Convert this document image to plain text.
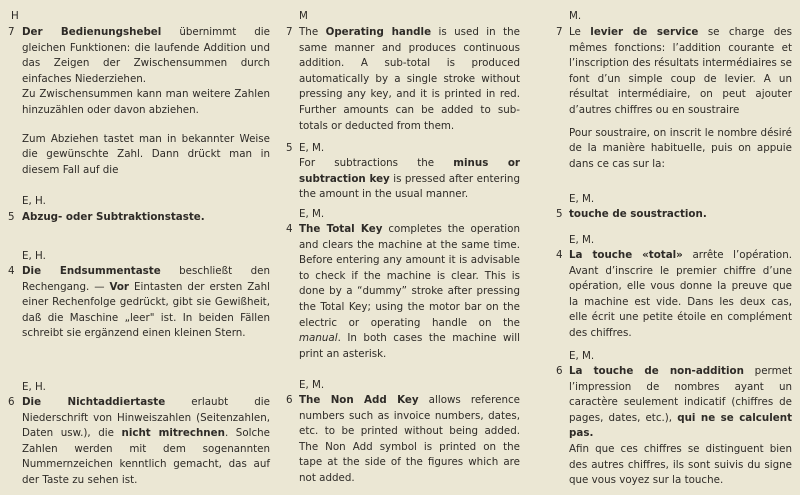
H
7 Der Bedienungshebel übernimmt die gleichen Funktionen: die laufende Addition und das Zeigen der Zwischensummen durch einfaches Niederziehen.
Zu Zwischensummen kann man weitere Zahlen hinzuzählen oder davon abziehen.
Zum Abziehen tastet man in bekannter Weise die gewünschte Zahl. Dann drückt man in diesem Fall auf die
E, H.
5 Abzug- oder Subtraktionstaste.
E, H.
4 Die Endsummentaste beschließt den Rechengang. — Vor Eintasten der ersten Zahl einer Rechenfolge gedrückt, gibt sie Gewißheit, daß die Maschine „leer" ist. In beiden Fällen schreibt sie ergänzend einen kleinen Stern.
E, H.
6 Die Nichtaddiertaste erlaubt die Niederschrift von Hinweiszahlen (Seitenzahlen, Daten usw.), die nicht mitrechnen. Solche Zahlen werden mit dem sogenannten Nummernzeichen kenntlich gemacht, das auf der Taste zu sehen ist.
M
7 The Operating handle is used in the same manner and produces continuous addition. A sub-total is produced automatically by a single stroke without pressing any key, and it is printed in red. Further amounts can be added to sub-totals or deducted from them.
5 E, M.
For subtractions the minus or subtraction key is pressed after entering the amount in the usual manner.
E, M.
4 The Total Key completes the operation and clears the machine at the same time. Before entering any amount it is advisable to check if the machine is clear. This is done by a “dummy” stroke after pressing the Total Key; using the motor bar on the electric or operating handle on the manual. In both cases the machine will print an asterisk.
E, M.
6 The Non Add Key allows reference numbers such as invoice numbers, dates, etc. to be printed without being added. The Non Add symbol is printed on the tape at the side of the figures which are not added.
M.
7 Le levier de service se charge des mêmes fonctions: l’addition courante et l’inscription des résultats intermédiaires se font d’un simple coup de levier. A un résultat intermédiaire, on peut ajouter d’autres chiffres ou en soustraire
Pour soustraire, on inscrit le nombre désiré de la manière habituelle, puis on appuie dans ce cas sur la:
E, M.
5 touche de soustraction.
E, M.
4 La touche «total» arrête l’opération. Avant d’inscrire le premier chiffre d’une opération, elle vous donne la preuve que la machine est vide. Dans les deux cas, elle écrit une petite étoile en complément des chiffres.
E, M.
6 La touche de non-addition permet l’impression de nombres ayant un caractère seulement indicatif (chiffres de pages, dates, etc.), qui ne se calculent pas.
Afin que ces chiffres se distinguent bien des autres chiffres, ils sont suivis du signe que vous voyez sur la touche.
